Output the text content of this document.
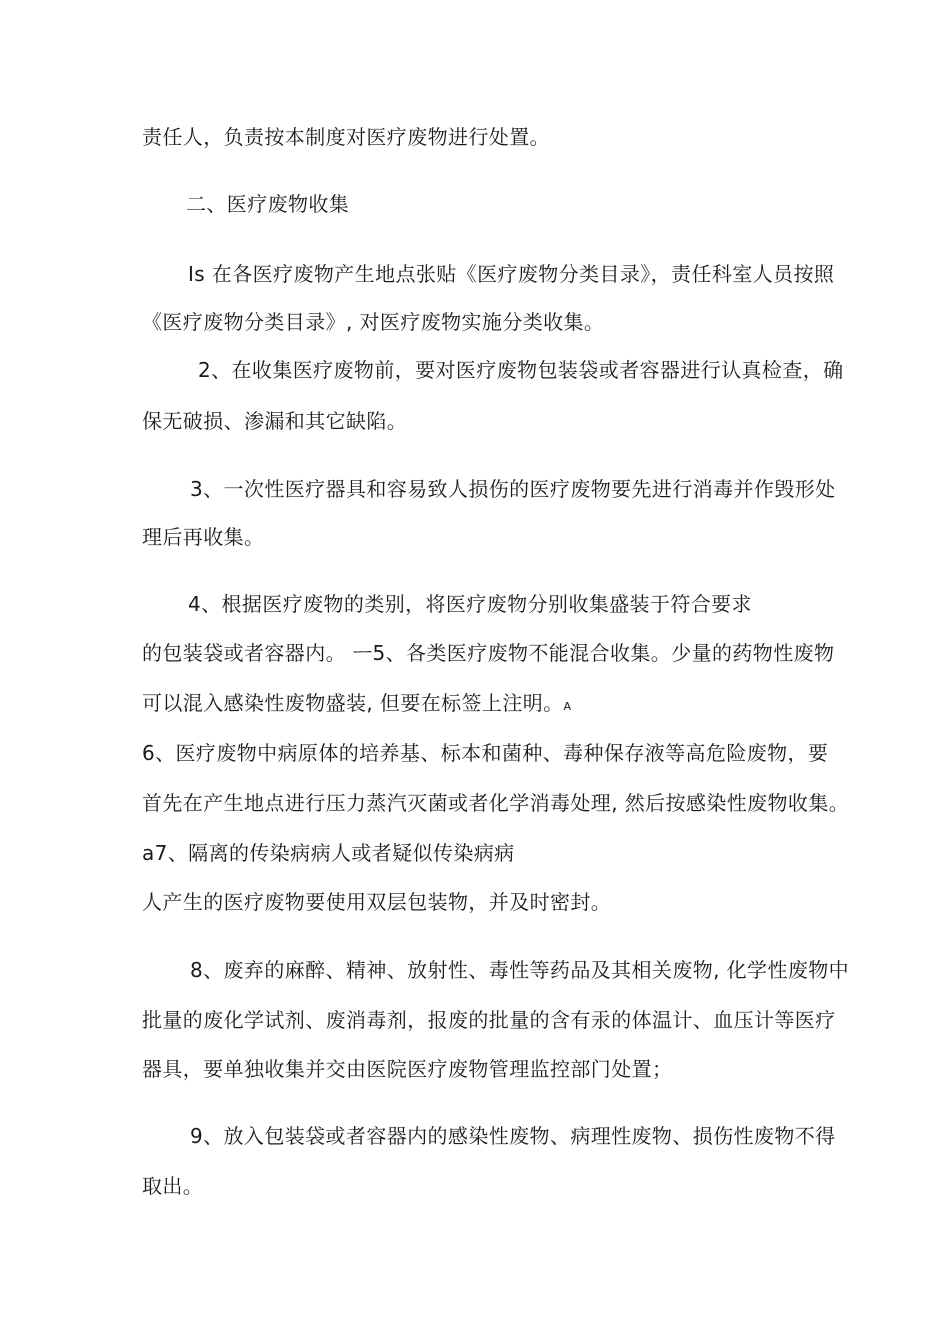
责任人，负责按本制度对医疗废物进行处置。
二、医疗废物收集
Is 在各医疗废物产生地点张贴《医疗废物分类目录》，责任科室人员按照
《医疗废物分类目录》, 对医疗废物实施分类收集。
2、在收集医疗废物前，要对医疗废物包装袋或者容器进行认真检查，确
保无破损、渗漏和其它缺陷。
3、一次性医疗器具和容易致人损伤的医疗废物要先进行消毒并作毁形处
理后再收集。
4、根据医疗废物的类别，将医疗废物分别收集盛装于符合要求
的包装袋或者容器内。 ㅡ5、各类医疗废物不能混合收集。少量的药物性废物
可以混入感染性废物盛装, 但要在标签上注明。A
6、医疗废物中病原体的培养基、标本和菌种、毒种保存液等高危险废物，要
首先在产生地点进行压力蒸汽灭菌或者化学消毒处理, 然后按感染性废物收集。
a7、隔离的传染病病人或者疑似传染病病
人产生的医疗废物要使用双层包装物，并及时密封。
8、废弃的麻醉、精神、放射性、毒性等药品及其相关废物, 化学性废物中
批量的废化学试剂、废消毒剂，报废的批量的含有汞的体温计、血压计等医疗
器具，要单独收集并交由医院医疗废物管理监控部门处置；
9、放入包装袋或者容器内的感染性废物、病理性废物、损伤性废物不得
取出。
